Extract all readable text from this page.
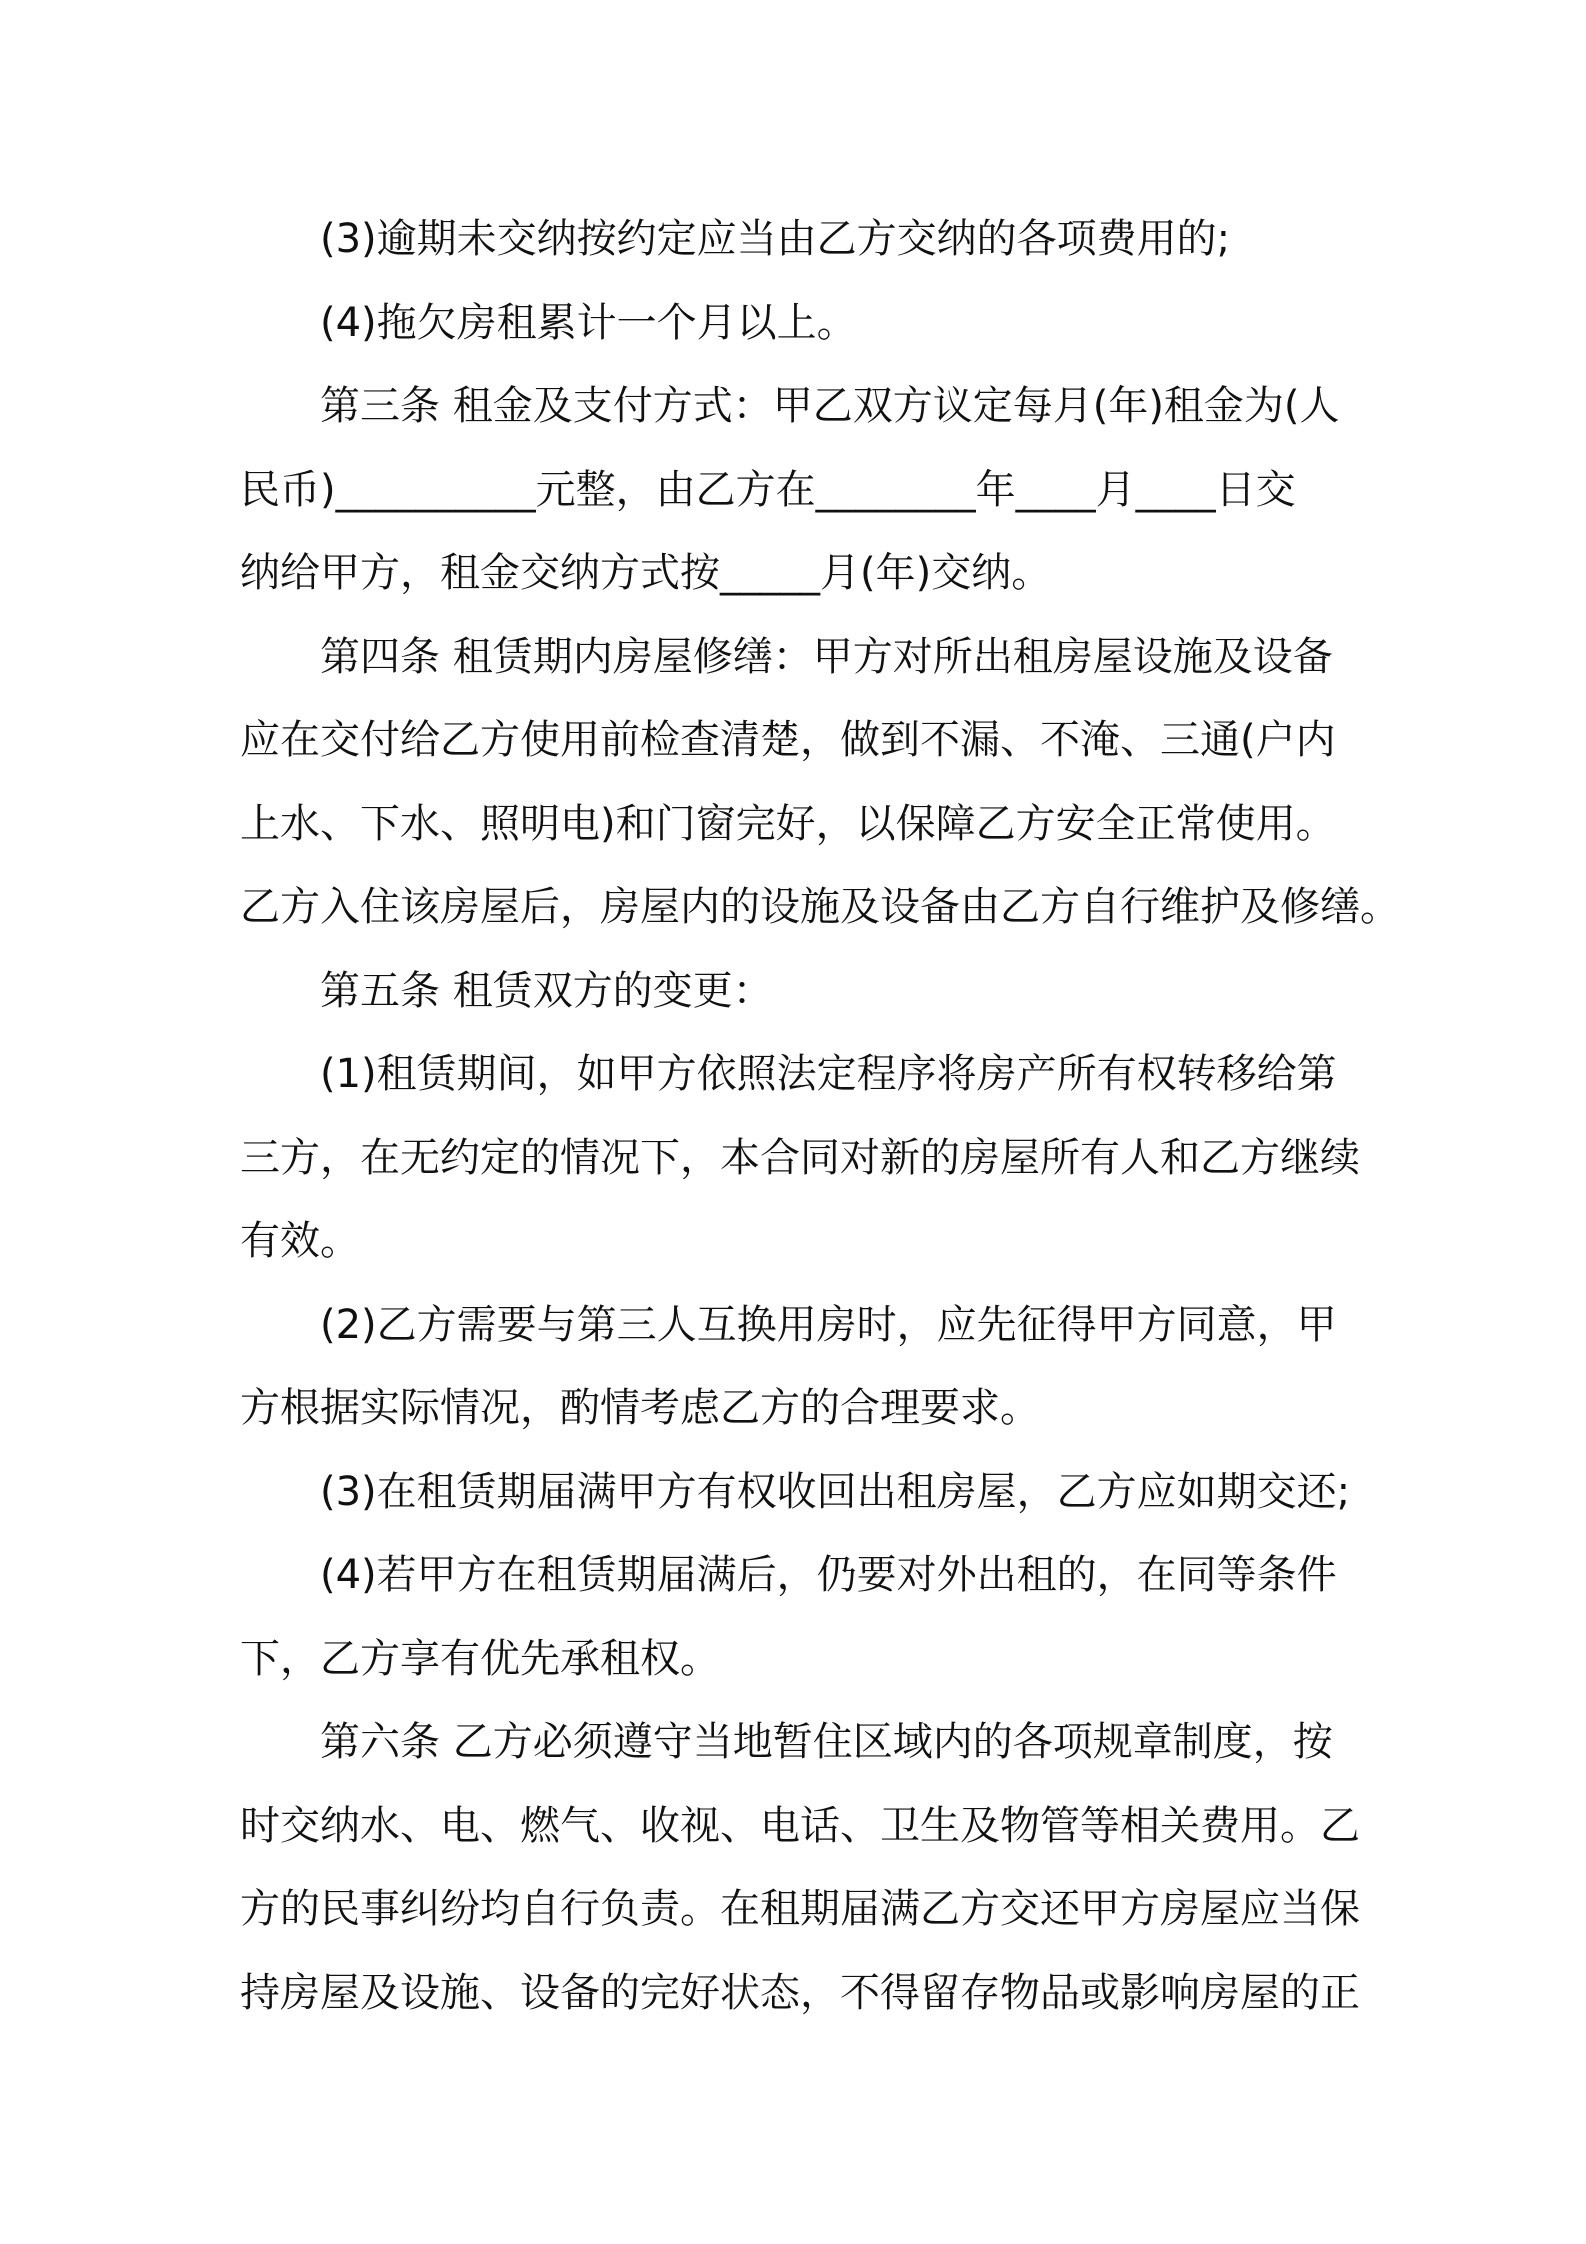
(3)逾期未交纳按约定应当由乙方交纳的各项费用的;
(4)拖欠房租累计一个月以上。
第三条 租金及支付方式：甲乙双方议定每月(年)租金为(人
民币)__________元整，由乙方在________年____月____日交
纳给甲方，租金交纳方式按_____月(年)交纳。
第四条 租赁期内房屋修缮：甲方对所出租房屋设施及设备
应在交付给乙方使用前检查清楚，做到不漏、不淹、三通(户内
上水、下水、照明电)和门窗完好，以保障乙方安全正常使用。
乙方入住该房屋后，房屋内的设施及设备由乙方自行维护及修缮。
第五条 租赁双方的变更：
(1)租赁期间，如甲方依照法定程序将房产所有权转移给第
三方，在无约定的情况下，本合同对新的房屋所有人和乙方继续
有效。
(2)乙方需要与第三人互换用房时，应先征得甲方同意，甲
方根据实际情况，酌情考虑乙方的合理要求。
(3)在租赁期届满甲方有权收回出租房屋，乙方应如期交还;
(4)若甲方在租赁期届满后，仍要对外出租的，在同等条件
下，乙方享有优先承租权。
第六条 乙方必须遵守当地暂住区域内的各项规章制度，按
时交纳水、电、燃气、收视、电话、卫生及物管等相关费用。乙
方的民事纠纷均自行负责。在租期届满乙方交还甲方房屋应当保
持房屋及设施、设备的完好状态，不得留存物品或影响房屋的正
